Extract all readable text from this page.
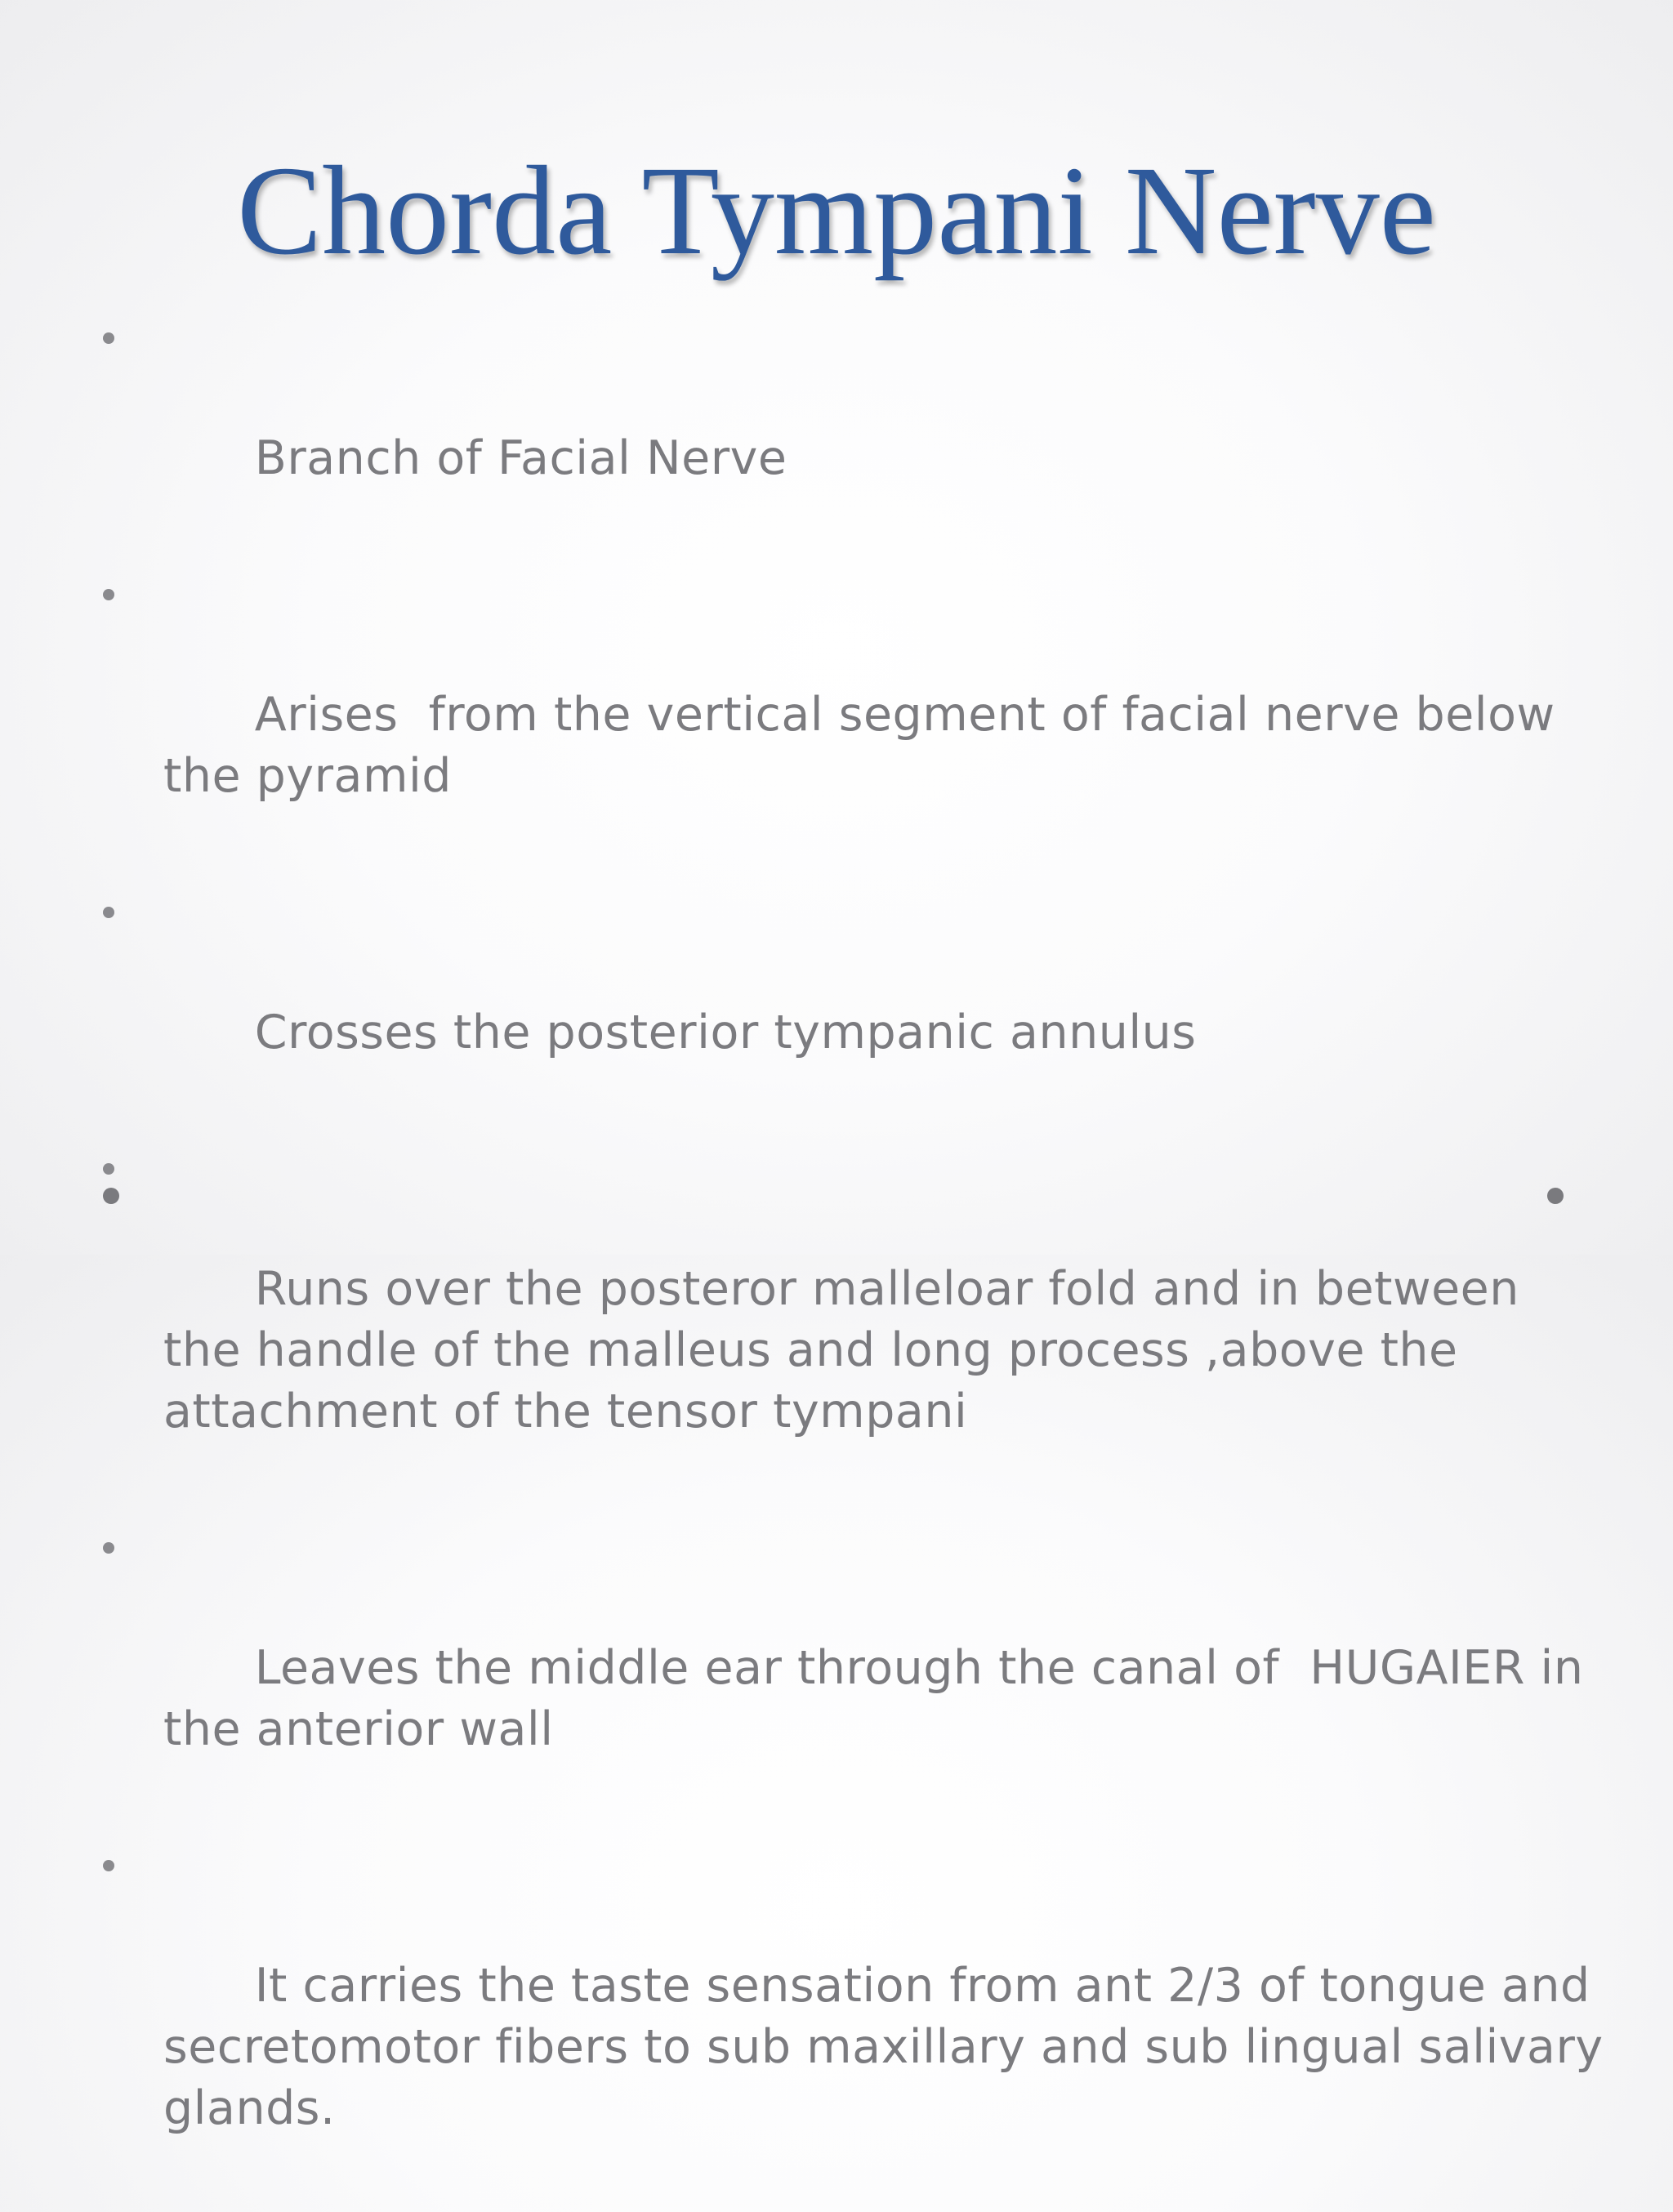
Chorda Tympani Nerve

Branch of Facial Nerve

Arises  from the vertical segment of facial nerve below the pyramid

Crosses the posterior tympanic annulus

Runs over the posteror malleloar fold and in between the handle of the malleus and long process ,above the attachment of the tensor tympani

Leaves the middle ear through the canal of  HUGAIER in the anterior wall

It carries the taste sensation from ant 2/3 of tongue and secretomotor fibers to sub maxillary and sub lingual salivary glands.
